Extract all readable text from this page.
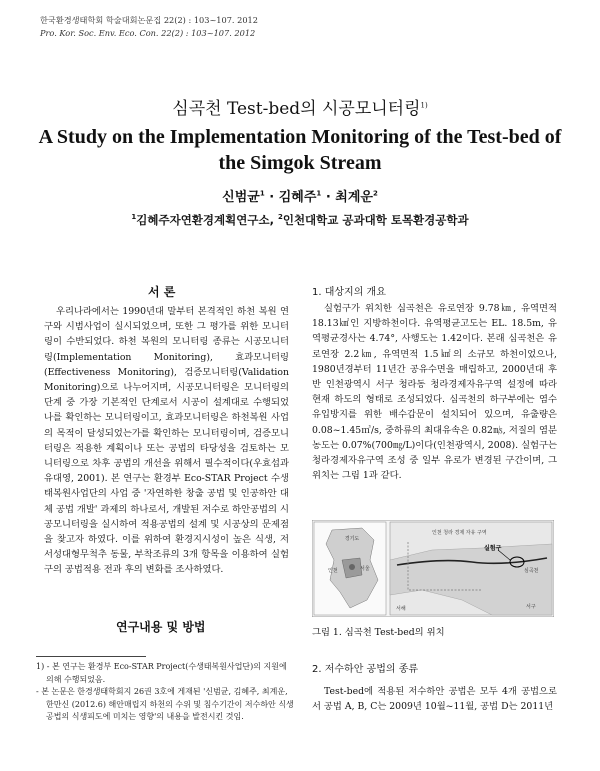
한국환경생태학회 학술대회논문집 22(2) : 103~107. 2012
Pro. Kor. Soc. Env. Eco. Con. 22(2) : 103~107. 2012
심곡천 Test-bed의 시공모니터링$^{1)}$
A Study on the Implementation Monitoring of the Test-bed of the Simgok Stream
신범균$^1$ · 김혜주$^1$ · 최계운$^2$
$^1$김혜주자연환경계획연구소, $^2$인천대학교 공과대학 토목환경공학과
서 론

우리나라에서는 1990년대 말부터 본격적인 하천 복원 연구와 시범사업이 실시되었으며, 또한 그 평가를 위한 모니터링이 수반되었다. 하천 복원의 모니터링 종류는 시공모니터링(Implementation Monitoring), 효과모니터링(Effectiveness Monitoring), 검증모니터링(Validation Monitoring)으로 나누어지며, 시공모니터링은 모니터링의 단계 중 가장 기본적인 단계로서 시공이 설계대로 수행되었나를 확인하는 모니터링이고, 효과모니터링은 하천복원 사업의 목적이 달성되었는가를 확인하는 모니터링이며, 검증모니터링은 적용한 계획이나 또는 공법의 타당성을 검토하는 모니터링으로 차후 공법의 개선을 위해서 필수적이다(우효섭과 유대영, 2001). 본 연구는 환경부 Eco-STAR Project 수생태복원사업단의 사업 중 '자연하한 창출 공법 및 인공하안 대체 공법 개발' 과제의 하나로서, 개발된 저수로 하안공법의 시공모니터링을 실시하여 적용공법의 설계 및 시공상의 문제점을 찾고자 하였다. 이를 위하여 환경지시성이 높은 식생, 저서성대형무척추 동물, 부착조류의 3개 항목을 이용하여 실험구의 공법적용 전과 후의 변화를 조사하였다.

연구내용 및 방법

1) - 본 연구는 환경부 Eco-STAR Project(수생태복원사업단)의 지원에 의해 수행되었음.

- 본 논문은 한경생태학회지 26권 3호에 게재된 '신범균, 김혜주, 최계운, 한만신 (2012.6) 해안매립지 하천의 수위 및 침수기간이 저수하안 식생공법의 식생피도에 미치는 영향'의 내용을 발전시킨 것임.

1. 대상지의 개요

실험구가 위치한 심곡천은 유로연장 9.78㎞, 유역면적 18.13㎢인 지방하천이다. 유역평균고도는 EL. 18.5m, 유역평균경사는 4.74°, 사행도는 1.42이다. 본래 심곡천은 유로연장 2.2㎞, 유역면적 1.5㎢의 소규모 하천이었으나, 1980년경부터 11년간 공유수면을 매립하고, 2000년대 후반 인천광역시 서구 청라동 청라경제자유구역 설정에 따라 현재 하도의 형태로 조성되었다. 심곡천의 하구부에는 염수 유입방지를 위한 배수갑문이 설치되어 있으며, 유출량은 0.08~1.45㎥/s, 중하류의 최대유속은 0.82㎧, 저질의 염분농도는 0.07%(700㎎/L)이다(인천광역시, 2008). 실험구는 청라경제자유구역 조성 중 일부 유로가 변경된 구간이며, 그 위치는 그림 1과 같다.

경기도
서울
인천
인천 청라 경제 자유 구역
실험구
심곡천
서해	서구
그림 1. 심곡천 Test-bed의 위치
2. 저수하안 공법의 종류

Test-bed에 적용된 저수하안 공법은 모두 4개 공법으로서 공법 A, B, C는 2009년 10월~11월, 공법 D는 2011년
